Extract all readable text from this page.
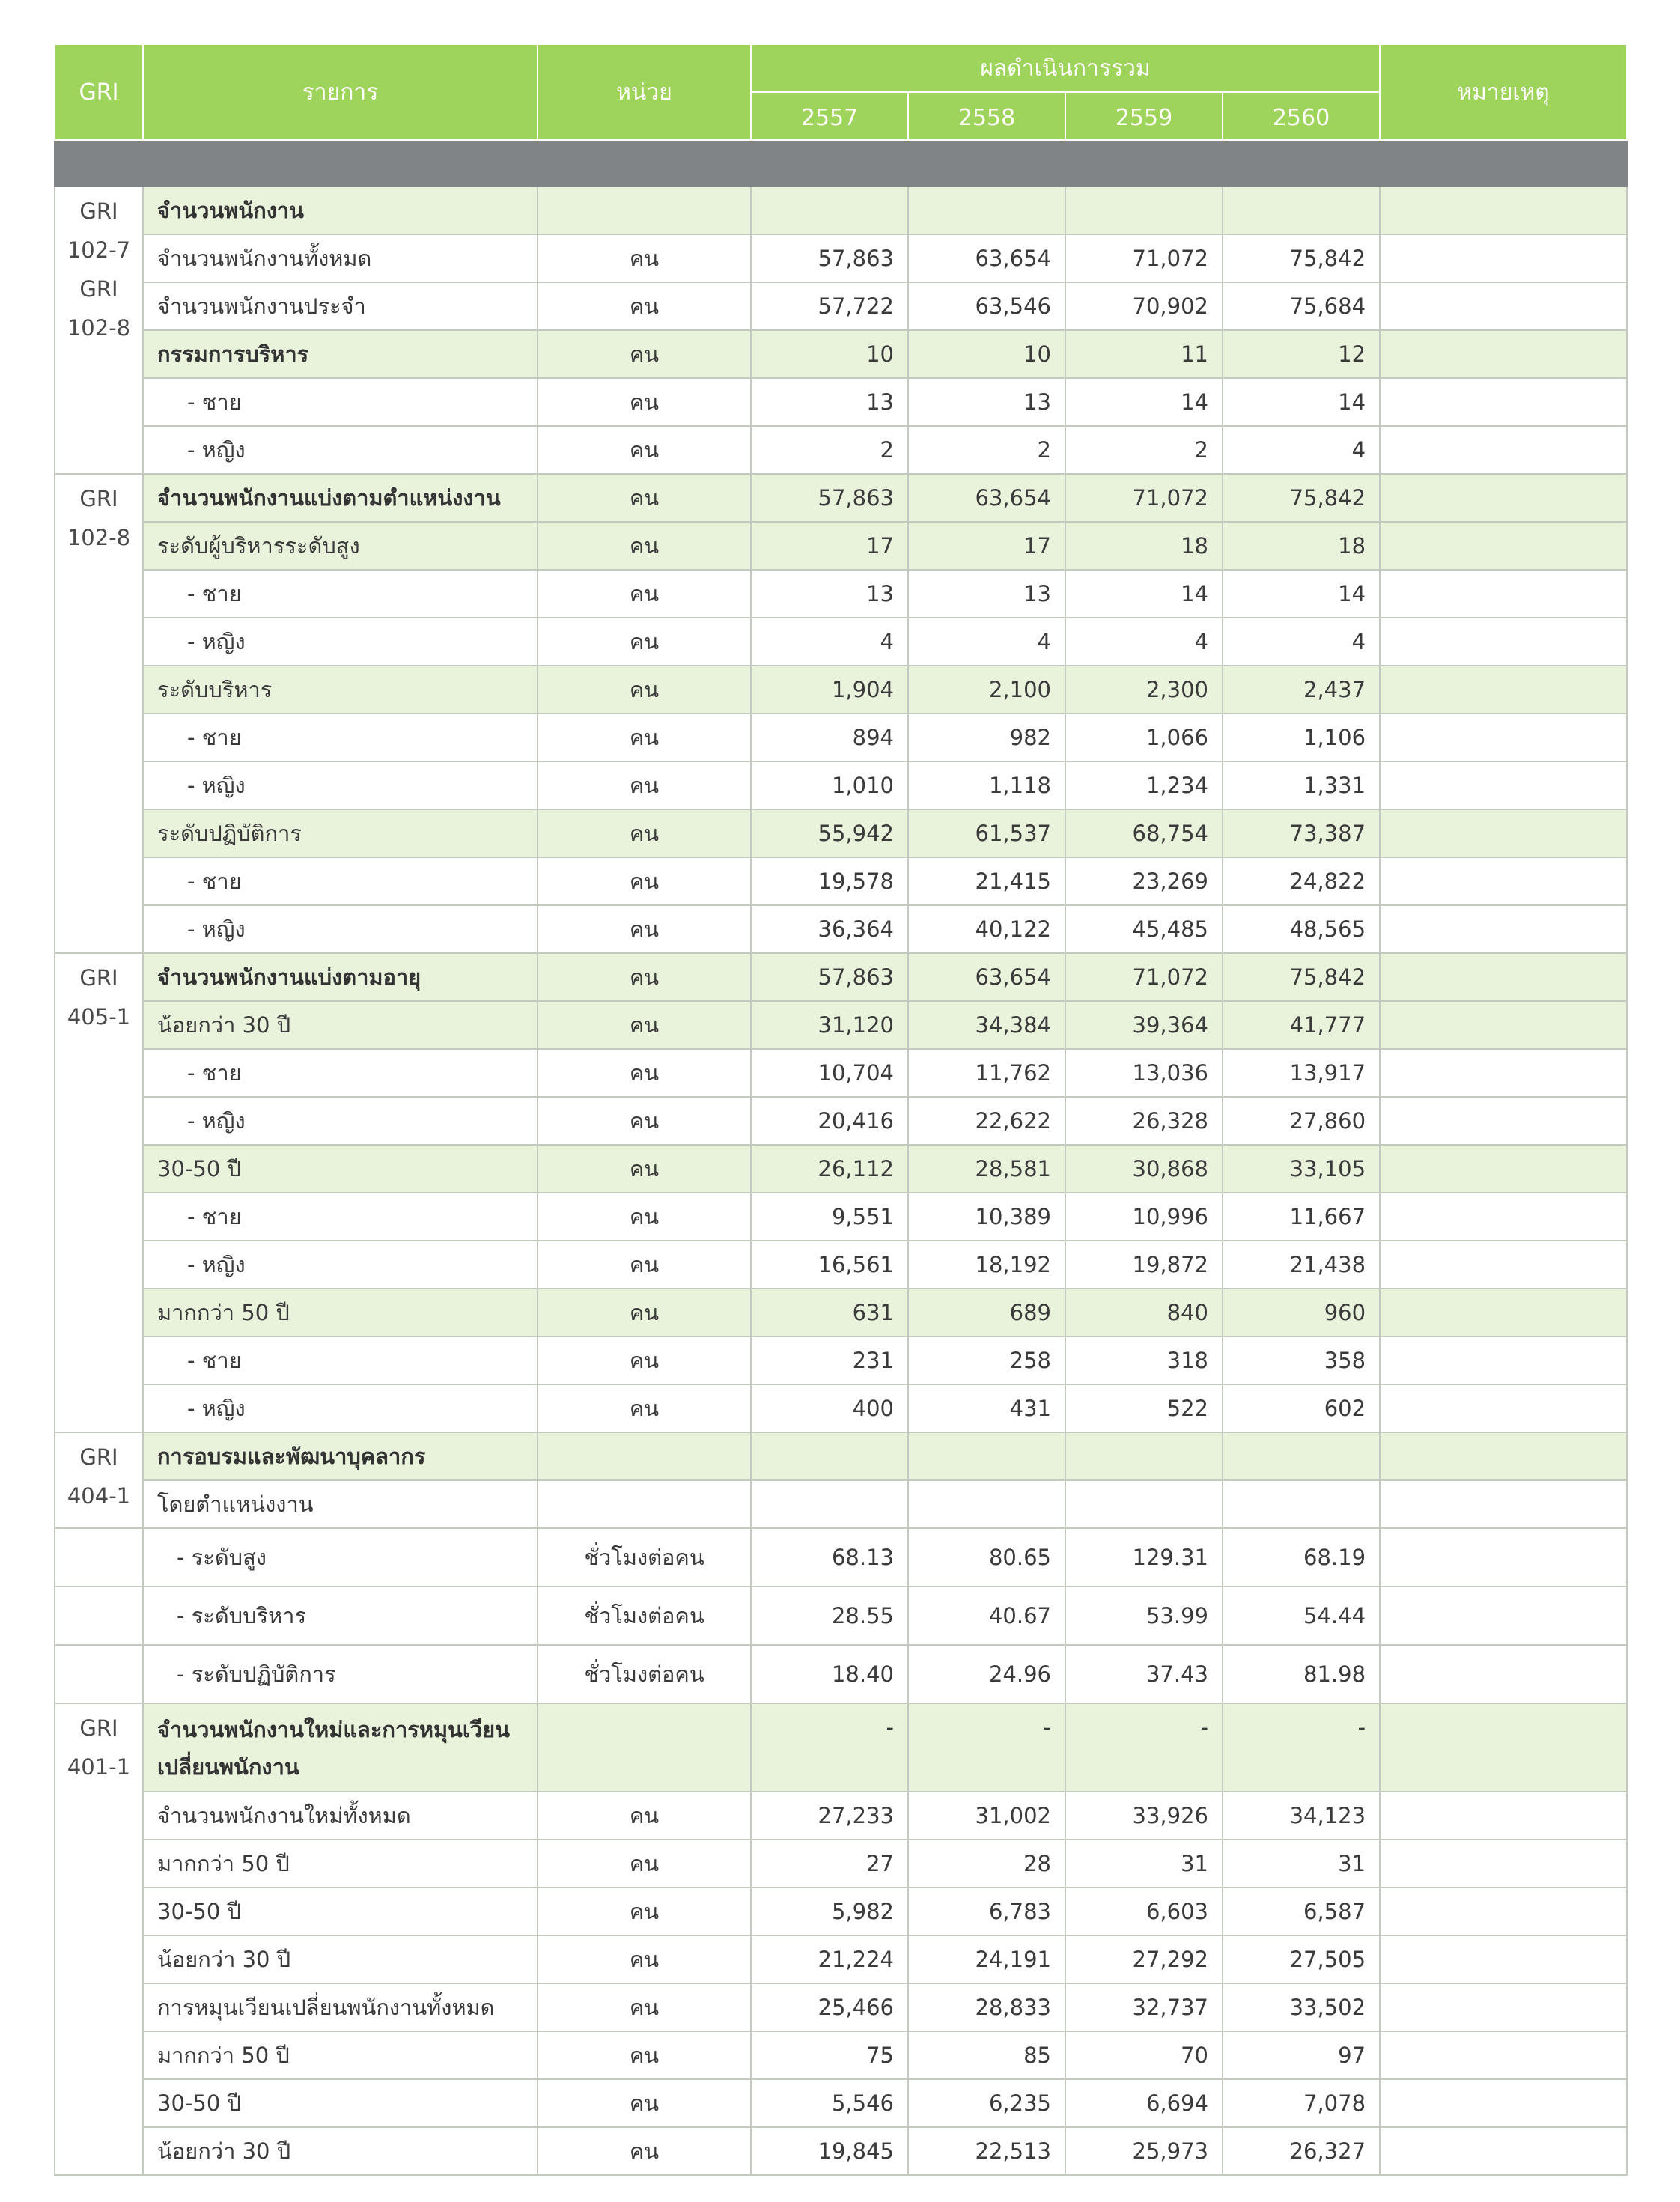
GRI	รายการ	หน่วย	ผลดำเนินการรวม				หมายเหตุ
			2557	2558	2559	2560	

GRI
102-7
GRI
102-8	จำนวนพนักงาน						
	จำนวนพนักงานทั้งหมด	คน	57,863	63,654	71,072	75,842	
	จำนวนพนักงานประจำ	คน	57,722	63,546	70,902	75,684	
	กรรมการบริหาร	คน	10	10	11	12	
	- ชาย	คน	13	13	14	14	
	- หญิง	คน	2	2	2	4	

GRI
102-8	จำนวนพนักงานแบ่งตามตำแหน่งงาน	คน	57,863	63,654	71,072	75,842	
	ระดับผู้บริหารระดับสูง	คน	17	17	18	18	
	- ชาย	คน	13	13	14	14	
	- หญิง	คน	4	4	4	4	
	ระดับบริหาร	คน	1,904	2,100	2,300	2,437	
	- ชาย	คน	894	982	1,066	1,106	
	- หญิง	คน	1,010	1,118	1,234	1,331	
	ระดับปฏิบัติการ	คน	55,942	61,537	68,754	73,387	
	- ชาย	คน	19,578	21,415	23,269	24,822	
	- หญิง	คน	36,364	40,122	45,485	48,565	

GRI
405-1	จำนวนพนักงานแบ่งตามอายุ	คน	57,863	63,654	71,072	75,842	
	น้อยกว่า 30 ปี	คน	31,120	34,384	39,364	41,777	
	- ชาย	คน	10,704	11,762	13,036	13,917	
	- หญิง	คน	20,416	22,622	26,328	27,860	
	30-50 ปี	คน	26,112	28,581	30,868	33,105	
	- ชาย	คน	9,551	10,389	10,996	11,667	
	- หญิง	คน	16,561	18,192	19,872	21,438	
	มากกว่า 50 ปี	คน	631	689	840	960	
	- ชาย	คน	231	258	318	358	
	- หญิง	คน	400	431	522	602	

GRI
404-1	การอบรมและพัฒนาบุคลากร						
	โดยตำแหน่งงาน						
	- ระดับสูง	ชั่วโมงต่อคน	68.13	80.65	129.31	68.19	
	- ระดับบริหาร	ชั่วโมงต่อคน	28.55	40.67	53.99	54.44	
	- ระดับปฏิบัติการ	ชั่วโมงต่อคน	18.40	24.96	37.43	81.98	

GRI
401-1	จำนวนพนักงานใหม่และการหมุนเวียนเปลี่ยนพนักงาน		-	-	-	-	
	จำนวนพนักงานใหม่ทั้งหมด	คน	27,233	31,002	33,926	34,123	
	มากกว่า 50 ปี	คน	27	28	31	31	
	30-50 ปี	คน	5,982	6,783	6,603	6,587	
	น้อยกว่า 30 ปี	คน	21,224	24,191	27,292	27,505	
	การหมุนเวียนเปลี่ยนพนักงานทั้งหมด	คน	25,466	28,833	32,737	33,502	
	มากกว่า 50 ปี	คน	75	85	70	97	
	30-50 ปี	คน	5,546	6,235	6,694	7,078	
	น้อยกว่า 30 ปี	คน	19,845	22,513	25,973	26,327	
